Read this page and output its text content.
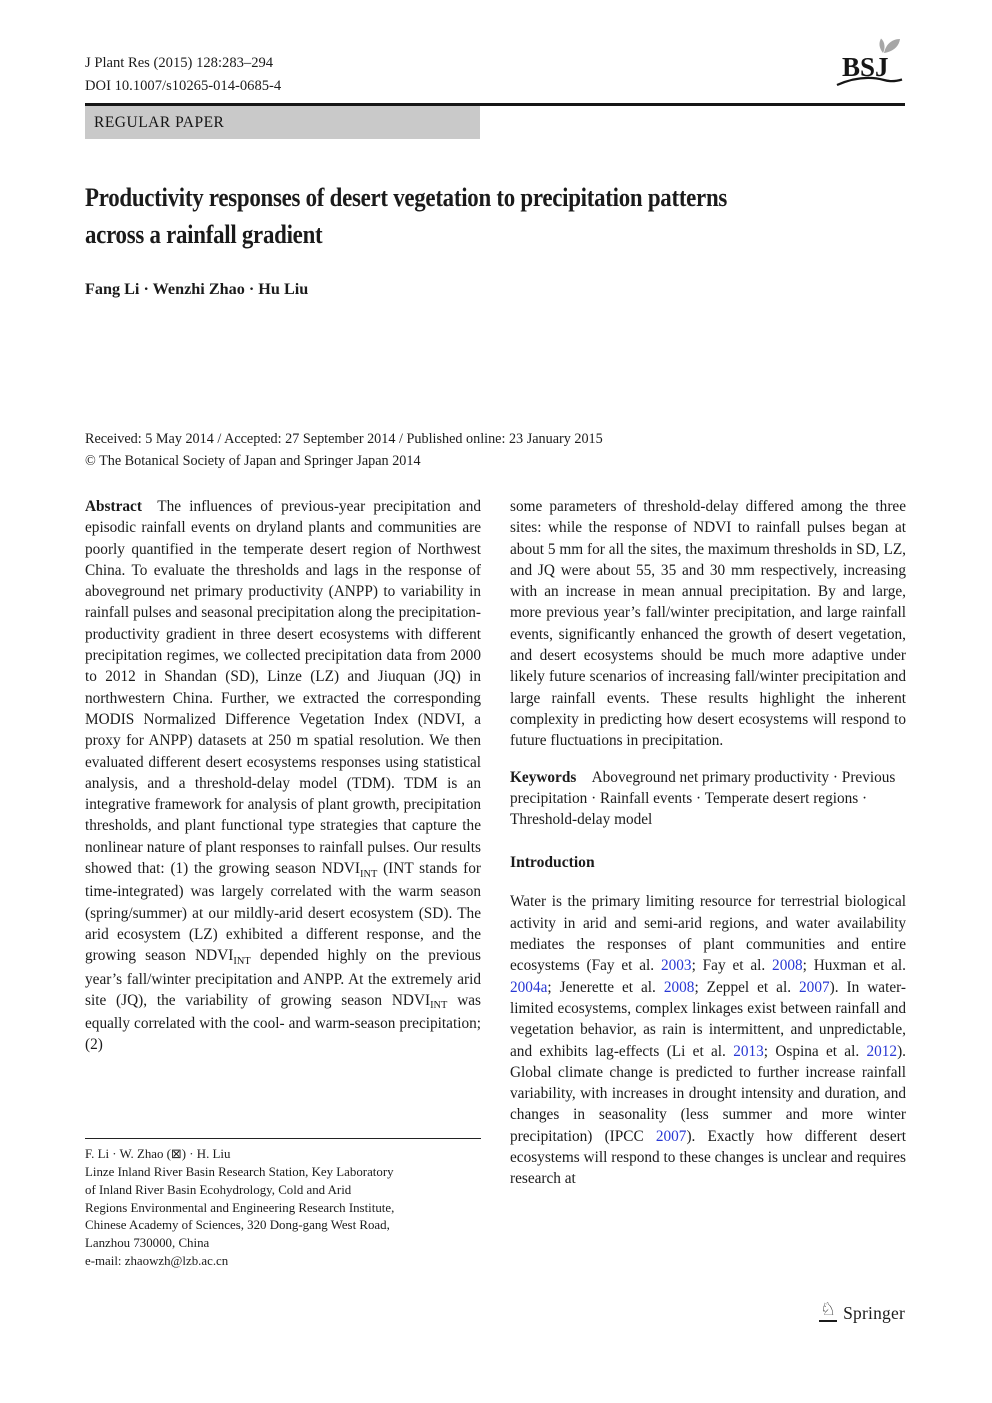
J Plant Res (2015) 128:283–294
DOI 10.1007/s10265-014-0685-4
BSJ
REGULAR PAPER
Productivity responses of desert vegetation to precipitation patterns across a rainfall gradient
Fang Li · Wenzhi Zhao · Hu Liu
Received: 5 May 2014 / Accepted: 27 September 2014 / Published online: 23 January 2015
© The Botanical Society of Japan and Springer Japan 2014

Abstract The influences of previous-year precipitation and episodic rainfall events on dryland plants and communities are poorly quantified in the temperate desert region of Northwest China. To evaluate the thresholds and lags in the response of aboveground net primary productivity (ANPP) to variability in rainfall pulses and seasonal precipitation along the precipitation-productivity gradient in three desert ecosystems with different precipitation regimes, we collected precipitation data from 2000 to 2012 in Shandan (SD), Linze (LZ) and Jiuquan (JQ) in northwestern China. Further, we extracted the corresponding MODIS Normalized Difference Vegetation Index (NDVI, a proxy for ANPP) datasets at 250 m spatial resolution. We then evaluated different desert ecosystems responses using statistical analysis, and a threshold-delay model (TDM). TDM is an integrative framework for analysis of plant growth, precipitation thresholds, and plant functional type strategies that capture the nonlinear nature of plant responses to rainfall pulses. Our results showed that: (1) the growing season $NDVI_{INT}$ (INT stands for time-integrated) was largely correlated with the warm season (spring/summer) at our mildly-arid desert ecosystem (SD). The arid ecosystem (LZ) exhibited a different response, and the growing season $NDVI_{INT}$ depended highly on the previous year’s fall/winter precipitation and ANPP. At the extremely arid site (JQ), the variability of growing season $NDVI_{INT}$ was equally correlated with the cool- and warm-season precipitation; (2)

some parameters of threshold-delay differed among the three sites: while the response of NDVI to rainfall pulses began at about 5 mm for all the sites, the maximum thresholds in SD, LZ, and JQ were about 55, 35 and 30 mm respectively, increasing with an increase in mean annual precipitation. By and large, more previous year’s fall/winter precipitation, and large rainfall events, significantly enhanced the growth of desert vegetation, and desert ecosystems should be much more adaptive under likely future scenarios of increasing fall/winter precipitation and large rainfall events. These results highlight the inherent complexity in predicting how desert ecosystems will respond to future fluctuations in precipitation.

Keywords Aboveground net primary productivity · Previous precipitation · Rainfall events · Temperate desert regions · Threshold-delay model

Introduction

Water is the primary limiting resource for terrestrial biological activity in arid and semi-arid regions, and water availability mediates the responses of plant communities and entire ecosystems (Fay et al. 2003; Fay et al. 2008; Huxman et al. 2004a; Jenerette et al. 2008; Zeppel et al. 2007). In water-limited ecosystems, complex linkages exist between rainfall and vegetation behavior, as rain is intermittent, and unpredictable, and exhibits lag-effects (Li et al. 2013; Ospina et al. 2012). Global climate change is predicted to further increase rainfall variability, with increases in drought intensity and duration, and changes in seasonality (less summer and more winter precipitation) (IPCC 2007). Exactly how different desert ecosystems will respond to these changes is unclear and requires research at

F. Li · W. Zhao (⊠) · H. Liu
Linze Inland River Basin Research Station, Key Laboratory
of Inland River Basin Ecohydrology, Cold and Arid
Regions Environmental and Engineering Research Institute,
Chinese Academy of Sciences, 320 Dong-gang West Road,
Lanzhou 730000, China
e-mail: zhaowzh@lzb.ac.cn
♘ Springer
